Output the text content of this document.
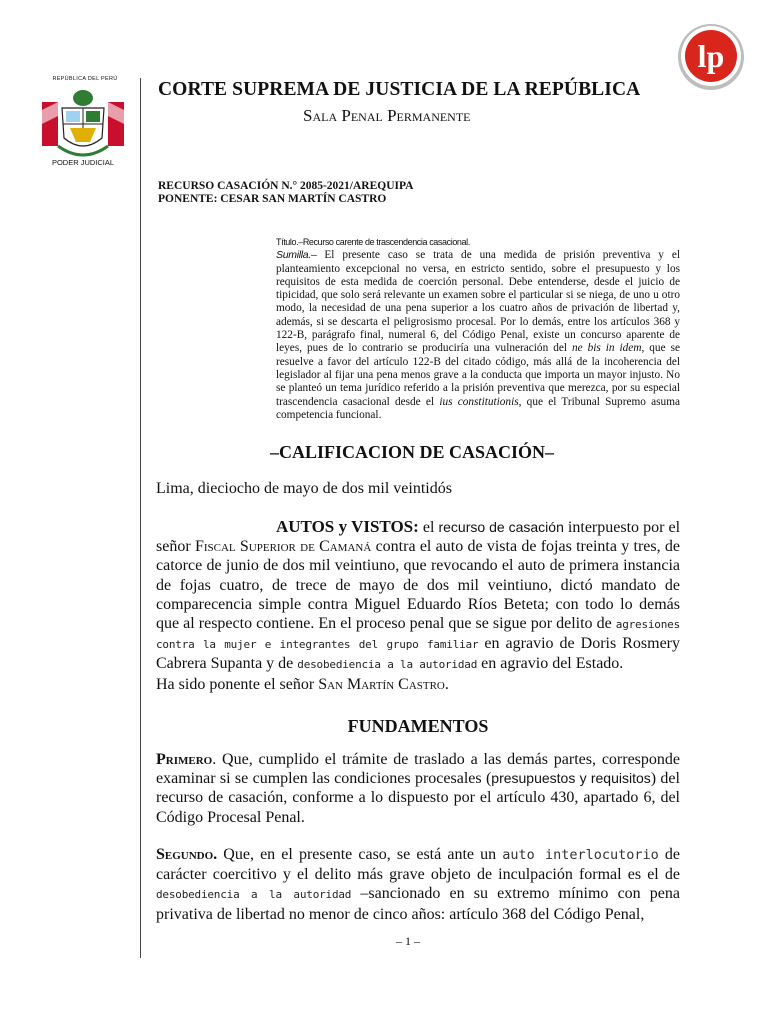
REPÚBLICA DEL PERÚ
PODER JUDICIAL
lp
CORTE SUPREMA DE JUSTICIA DE LA REPÚBLICA
Sala Penal Permanente
RECURSO CASACIÓN N.° 2085-2021/AREQUIPA
PONENTE: CESAR SAN MARTÍN CASTRO
Título.–Recurso carente de trascendencia casacional.
Sumilla.– El presente caso se trata de una medida de prisión preventiva y el planteamiento excepcional no versa, en estricto sentido, sobre el presupuesto y los requisitos de esta medida de coerción personal. Debe entenderse, desde el juicio de tipicidad, que solo será relevante un examen sobre el particular si se niega, de uno u otro modo, la necesidad de una pena superior a los cuatro años de privación de libertad y, además, si se descarta el peligrosismo procesal. Por lo demás, entre los artículos 368 y 122-B, parágrafo final, numeral 6, del Código Penal, existe un concurso aparente de leyes, pues de lo contrario se produciría una vulneración del ne bis in idem, que se resuelve a favor del artículo 122-B del citado código, más allá de la incoherencia del legislador al fijar una pena menos grave a la conducta que importa un mayor injusto. No se planteó un tema jurídico referido a la prisión preventiva que merezca, por su especial trascendencia casacional desde el ius constitutionis, que el Tribunal Supremo asuma competencia funcional.
–CALIFICACION DE CASACIÓN–
Lima, dieciocho de mayo de dos mil veintidós
AUTOS y VISTOS: el recurso de casación interpuesto por el señor Fiscal Superior de Camaná contra el auto de vista de fojas treinta y tres, de catorce de junio de dos mil veintiuno, que revocando el auto de primera instancia de fojas cuatro, de trece de mayo de dos mil veintiuno, dictó mandato de comparecencia simple contra Miguel Eduardo Ríos Beteta; con todo lo demás que al respecto contiene. En el proceso penal que se sigue por delito de agresiones contra la mujer e integrantes del grupo familiar en agravio de Doris Rosmery Cabrera Supanta y de desobediencia a la autoridad en agravio del Estado.
Ha sido ponente el señor San Martín Castro.
FUNDAMENTOS
Primero. Que, cumplido el trámite de traslado a las demás partes, corresponde examinar si se cumplen las condiciones procesales (presupuestos y requisitos) del recurso de casación, conforme a lo dispuesto por el artículo 430, apartado 6, del Código Procesal Penal.
Segundo. Que, en el presente caso, se está ante un auto interlocutorio de carácter coercitivo y el delito más grave objeto de inculpación formal es el de desobediencia a la autoridad –sancionado en su extremo mínimo con pena privativa de libertad no menor de cinco años: artículo 368 del Código Penal,
– 1 –
